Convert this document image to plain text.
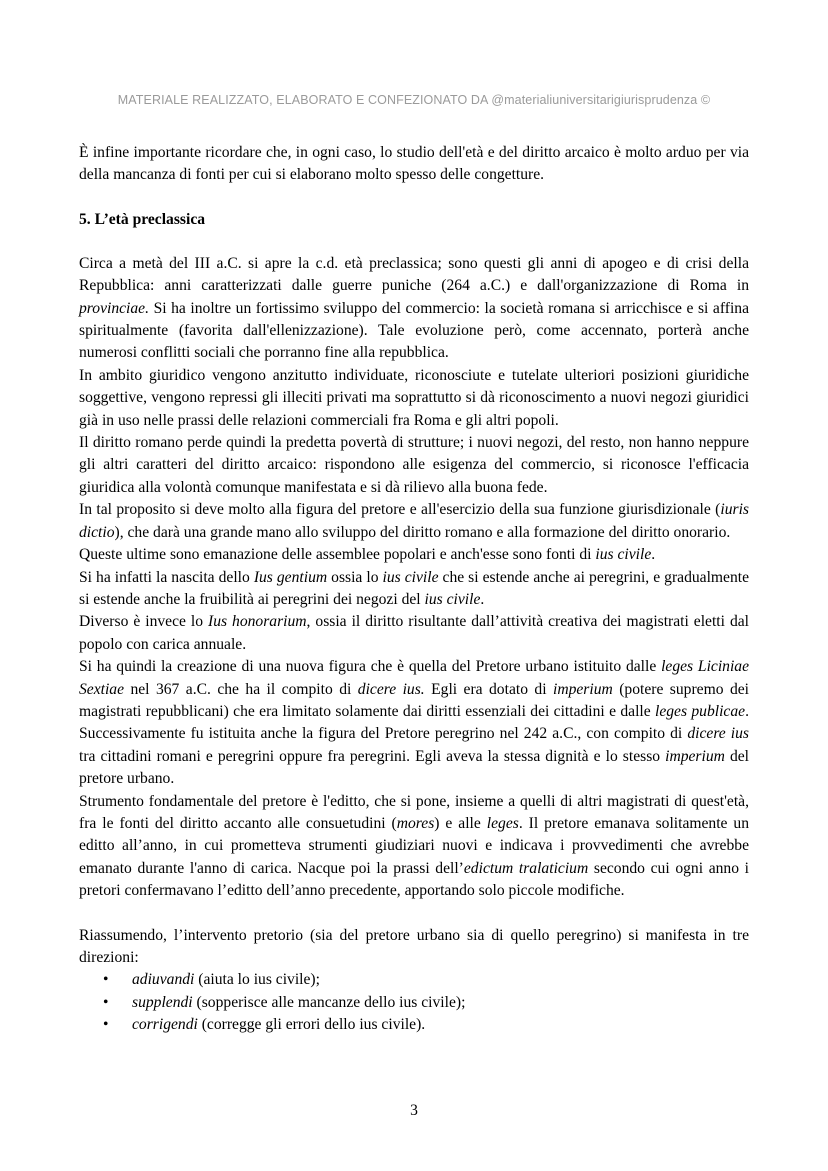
MATERIALE REALIZZATO, ELABORATO E CONFEZIONATO DA @materialiuniversitarigiurisprudenza ©

È infine importante ricordare che, in ogni caso, lo studio dell'età e del diritto arcaico è molto arduo per via della mancanza di fonti per cui si elaborano molto spesso delle congetture.

5. L’età preclassica

Circa a metà del III a.C. si apre la c.d. età preclassica; sono questi gli anni di apogeo e di crisi della Repubblica: anni caratterizzati dalle guerre puniche (264 a.C.) e dall'organizzazione di Roma in provinciae. Si ha inoltre un fortissimo sviluppo del commercio: la società romana si arricchisce e si affina spiritualmente (favorita dall'ellenizzazione). Tale evoluzione però, come accennato, porterà anche numerosi conflitti sociali che porranno fine alla repubblica.

In ambito giuridico vengono anzitutto individuate, riconosciute e tutelate ulteriori posizioni giuridiche soggettive, vengono repressi gli illeciti privati ma soprattutto si dà riconoscimento a nuovi negozi giuridici già in uso nelle prassi delle relazioni commerciali fra Roma e gli altri popoli.

Il diritto romano perde quindi la predetta povertà di strutture; i nuovi negozi, del resto, non hanno neppure gli altri caratteri del diritto arcaico: rispondono alle esigenza del commercio, si riconosce l'efficacia giuridica alla volontà comunque manifestata e si dà rilievo alla buona fede.

In tal proposito si deve molto alla figura del pretore e all'esercizio della sua funzione giurisdizionale (iuris dictio), che darà una grande mano allo sviluppo del diritto romano e alla formazione del diritto onorario.

Queste ultime sono emanazione delle assemblee popolari e anch'esse sono fonti di ius civile.

Si ha infatti la nascita dello Ius gentium ossia lo ius civile che si estende anche ai peregrini, e gradualmente si estende anche la fruibilità ai peregrini dei negozi del ius civile.

Diverso è invece lo Ius honorarium, ossia il diritto risultante dall’attività creativa dei magistrati eletti dal popolo con carica annuale.

Si ha quindi la creazione di una nuova figura che è quella del Pretore urbano istituito dalle leges Liciniae Sextiae nel 367 a.C. che ha il compito di dicere ius. Egli era dotato di imperium (potere supremo dei magistrati repubblicani) che era limitato solamente dai diritti essenziali dei cittadini e dalle leges publicae. Successivamente fu istituita anche la figura del Pretore peregrino nel 242 a.C., con compito di dicere ius tra cittadini romani e peregrini oppure fra peregrini. Egli aveva la stessa dignità e lo stesso imperium del pretore urbano.

Strumento fondamentale del pretore è l'editto, che si pone, insieme a quelli di altri magistrati di quest'età, fra le fonti del diritto accanto alle consuetudini (mores) e alle leges. Il pretore emanava solitamente un editto all’anno, in cui prometteva strumenti giudiziari nuovi e indicava i provvedimenti che avrebbe emanato durante l'anno di carica. Nacque poi la prassi dell’edictum tralaticium secondo cui ogni anno i pretori confermavano l’editto dell’anno precedente, apportando solo piccole modifiche.

Riassumendo, l’intervento pretorio (sia del pretore urbano sia di quello peregrino) si manifesta in tre direzioni:

• adiuvandi (aiuta lo ius civile);
• supplendi (sopperisce alle mancanze dello ius civile);
• corrigendi (corregge gli errori dello ius civile).
3
